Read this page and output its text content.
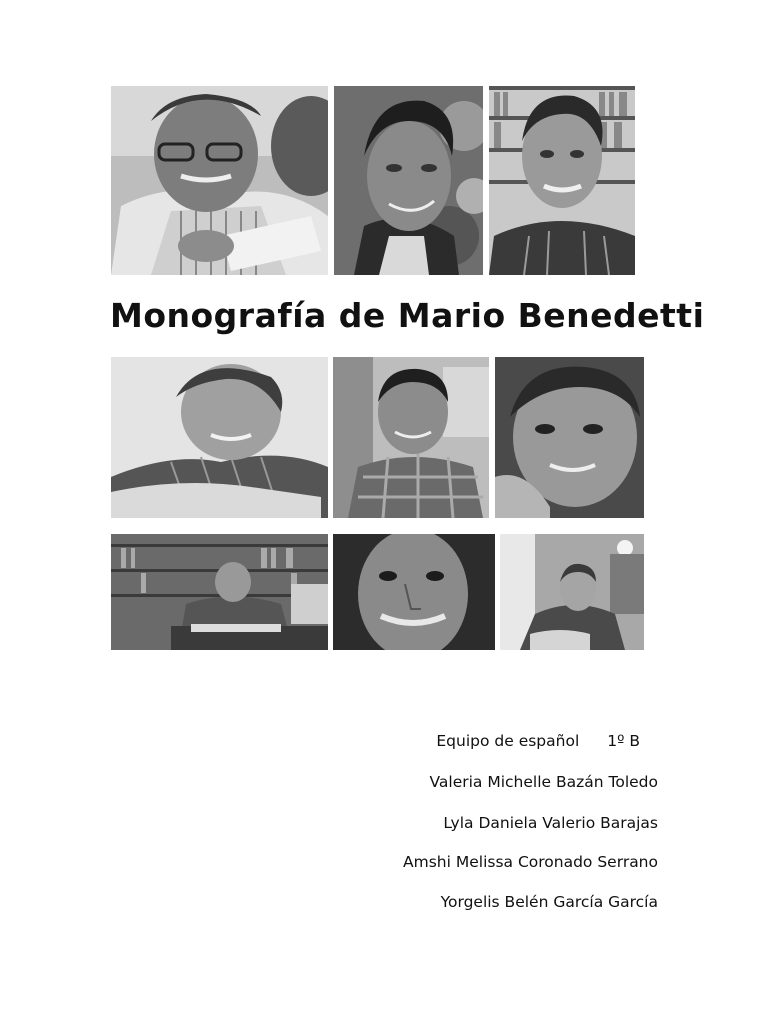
Monografía de Mario Benedetti
Equipo de español 1º B
Valeria Michelle Bazán Toledo
Lyla Daniela Valerio Barajas
Amshi Melissa Coronado Serrano
Yorgelis Belén García García
